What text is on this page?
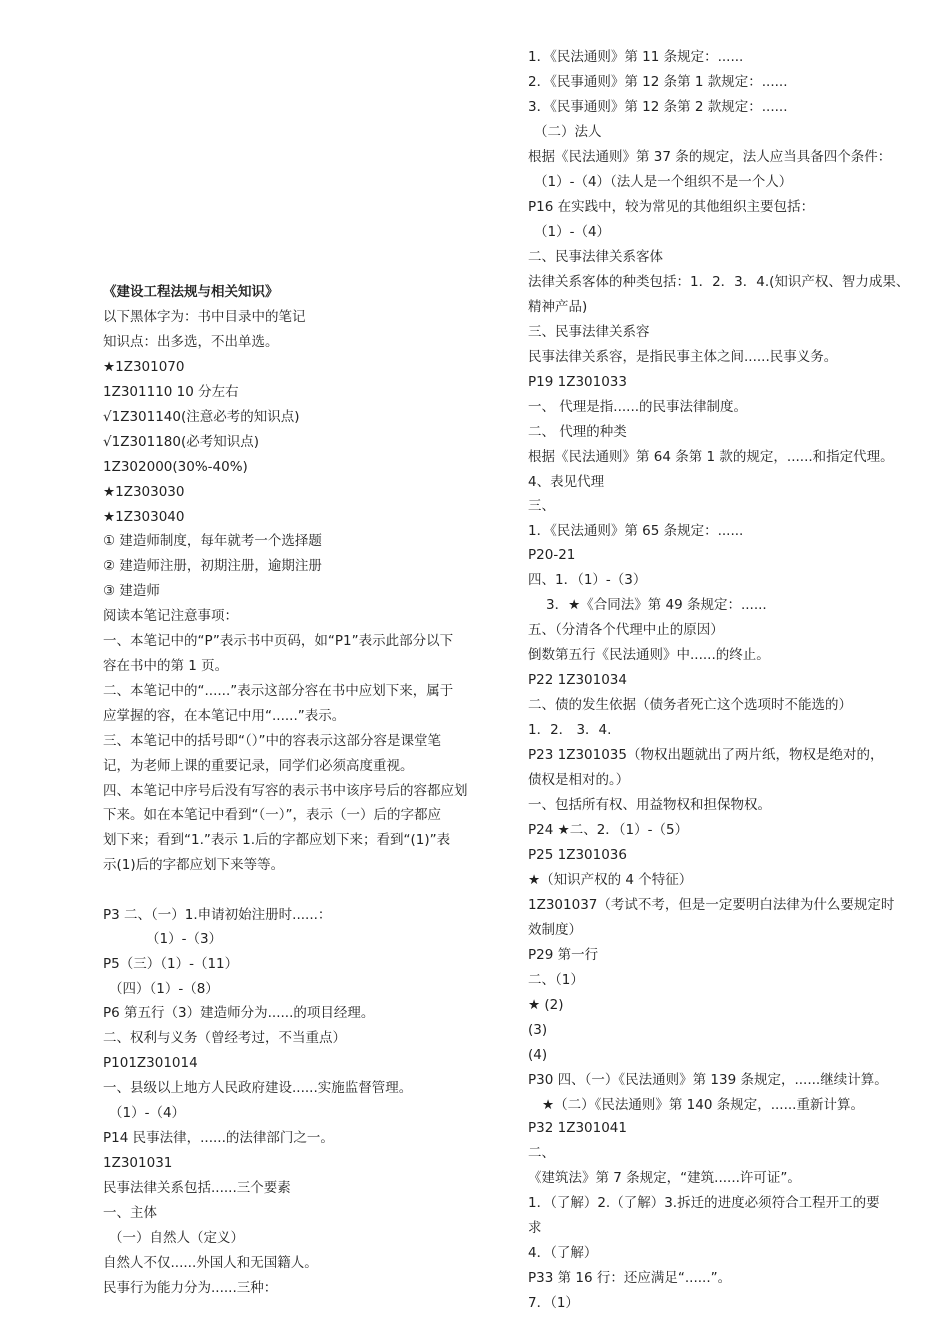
《建设工程法规与相关知识》
以下黑体字为：书中目录中的笔记
知识点：出多选，不出单选。
★1Z301070
1Z301110 10 分左右
√1Z301140(注意必考的知识点)
√1Z301180(必考知识点)
1Z302000(30%-40%)
★1Z303030
★1Z303040
① 建造师制度，每年就考一个选择题
② 建造师注册，初期注册，逾期注册
③ 建造师
阅读本笔记注意事项：
一、本笔记中的“P”表示书中页码，如“P1”表示此部分以下
容在书中的第 1 页。
二、本笔记中的“......”表示这部分容在书中应划下来，属于
应掌握的容，在本笔记中用“......”表示。
三、本笔记中的括号即“（）”中的容表示这部分容是课堂笔
记，为老师上课的重要记录，同学们必须高度重视。
四、本笔记中序号后没有写容的表示书中该序号后的容都应划
下来。如在本笔记中看到“（一）”，表示（一）后的字都应
划下来；看到“1.”表示 1.后的字都应划下来；看到“(1)”表
示(1)后的字都应划下来等等。
P3 二、（一）1.申请初始注册时......：
（1）-（3）
P5（三）（1）-（11）
（四）（1）-（8）
P6 第五行（3）建造师分为......的项目经理。
二、权利与义务（曾经考过，不当重点）
P101Z301014
一、县级以上地方人民政府建设......实施监督管理。
（1）-（4）
P14 民事法律，......的法律部门之一。
1Z301031
民事法律关系包括......三个要素
一、主体
（一）自然人（定义）
自然人不仅......外国人和无国籍人。
民事行为能力分为......三种：
1．《民法通则》第 11 条规定：......
2．《民事通则》第 12 条第 1 款规定：......
3．《民事通则》第 12 条第 2 款规定：......
（二）法人
根据《民法通则》第 37 条的规定，法人应当具备四个条件：
（1）-（4）（法人是一个组织不是一个人）
P16 在实践中，较为常见的其他组织主要包括：
（1）-（4）
二、民事法律关系客体
法律关系客体的种类包括：1．2．3．4.(知识产权、智力成果、
精神产品)
三、民事法律关系容
民事法律关系容，是指民事主体之间......民事义务。
P19 1Z301033
一、 代理是指......的民事法律制度。
二、 代理的种类
根据《民法通则》第 64 条第 1 款的规定，......和指定代理。
4、表见代理
三、
1．《民法通则》第 65 条规定：......
P20-21
四、1．（1）-（3）
3．★《合同法》第 49 条规定：......
五、（分清各个代理中止的原因）
倒数第五行《民法通则》中......的终止。
P22 1Z301034
二、债的发生依据（债务者死亡这个选项时不能选的）
1．2． 3．4.
P23 1Z301035（物权出题就出了两片纸，物权是绝对的，
债权是相对的。）
一、包括所有权、用益物权和担保物权。
P24 ★二、2．（1）-（5）
P25 1Z301036
★（知识产权的 4 个特征）
1Z301037（考试不考，但是一定要明白法律为什么要规定时
效制度）
P29 第一行
二、（1）
★ (2)
(3)
(4)
P30 四、（一）《民法通则》第 139 条规定，......继续计算。
★（二）《民法通则》第 140 条规定，......重新计算。
P32 1Z301041
二、
《建筑法》第 7 条规定，“建筑......许可证”。
1．（了解）2.（了解）3.拆迁的进度必须符合工程开工的要
求
4．（了解）
P33 第 16 行：还应满足“......”。
7．（1）
